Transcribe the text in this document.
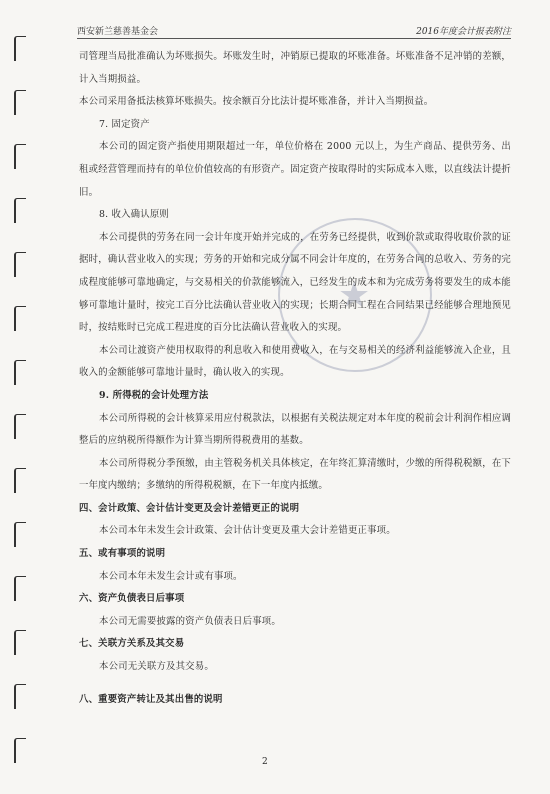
西安新兰慈善基金会	2016年度会计报表附注
★

司管理当局批准确认为坏账损失。坏账发生时，冲销原已提取的坏账准备。坏账准备不足冲销的差额，计入当期损益。

本公司采用备抵法核算坏账损失。按余额百分比法计提坏账准备，并计入当期损益。

7. 固定资产

本公司的固定资产指使用期限超过一年，单位价格在 2000 元以上，为生产商品、提供劳务、出租或经营管理而持有的单位价值较高的有形资产。固定资产按取得时的实际成本入账，以直线法计提折旧。

8. 收入确认原则

本公司提供的劳务在同一会计年度开始并完成的，在劳务已经提供，收到价款或取得收取价款的证据时，确认营业收入的实现；劳务的开始和完成分属不同会计年度的，在劳务合同的总收入、劳务的完成程度能够可靠地确定，与交易相关的价款能够流入，已经发生的成本和为完成劳务将要发生的成本能够可靠地计量时，按完工百分比法确认营业收入的实现；长期合同工程在合同结果已经能够合理地预见时，按结账时已完成工程进度的百分比法确认营业收入的实现。

本公司让渡资产使用权取得的利息收入和使用费收入，在与交易相关的经济利益能够流入企业，且收入的金额能够可靠地计量时，确认收入的实现。

9. 所得税的会计处理方法

本公司所得税的会计核算采用应付税款法，以根据有关税法规定对本年度的税前会计利润作相应调整后的应纳税所得额作为计算当期所得税费用的基数。

本公司所得税分季预缴，由主管税务机关具体核定，在年终汇算清缴时，少缴的所得税税额，在下一年度内缴纳；多缴纳的所得税税额，在下一年度内抵缴。

四、会计政策、会计估计变更及会计差错更正的说明

本公司本年未发生会计政策、会计估计变更及重大会计差错更正事项。

五、或有事项的说明

本公司本年未发生会计或有事项。

六、资产负债表日后事项

本公司无需要披露的资产负债表日后事项。

七、关联方关系及其交易

本公司无关联方及其交易。

八、重要资产转让及其出售的说明

2
